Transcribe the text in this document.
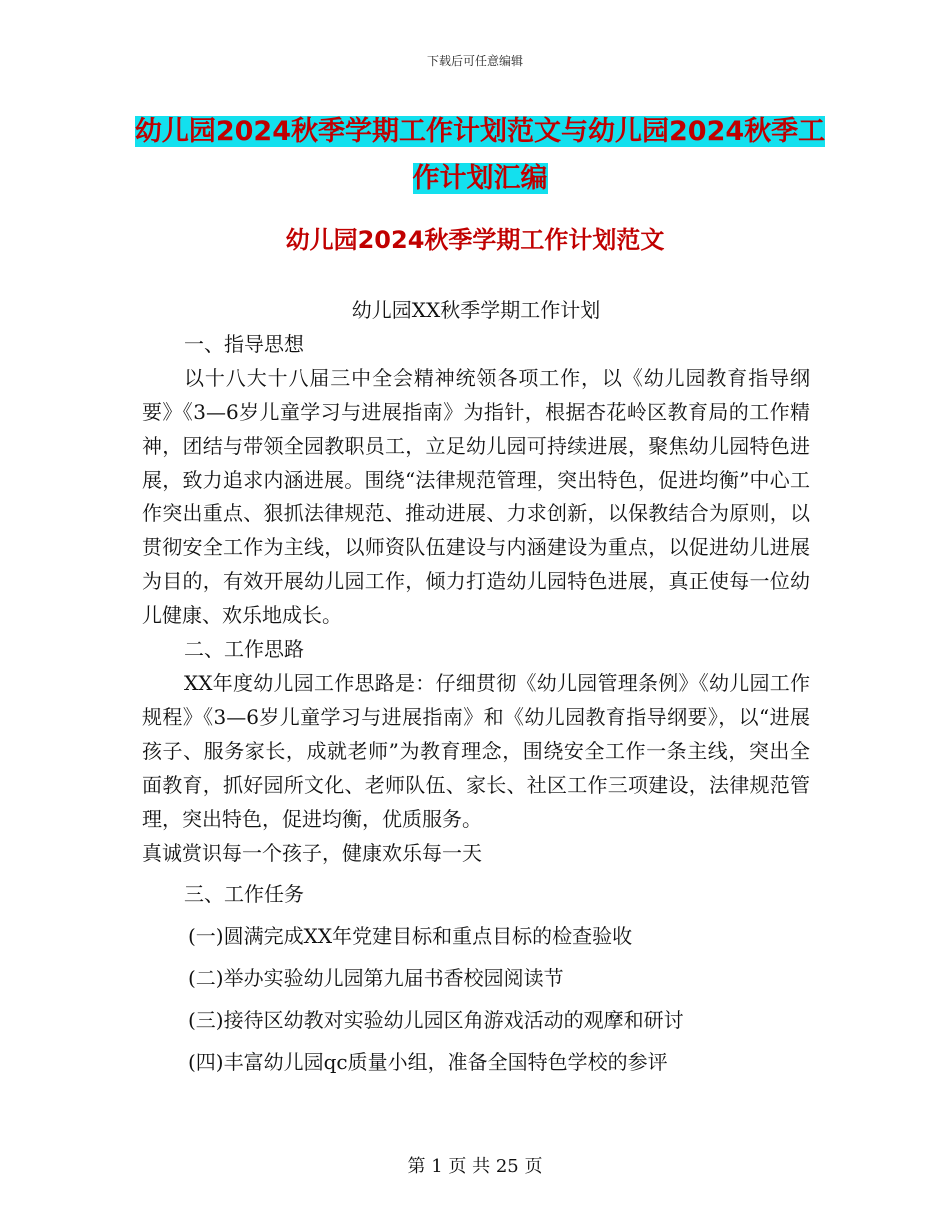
下载后可任意编辑
幼儿园2024秋季学期工作计划范文与幼儿园2024秋季工作计划汇编
幼儿园2024秋季学期工作计划范文

幼儿园XX秋季学期工作计划

一、指导思想

以十八大十八届三中全会精神统领各项工作，以《幼儿园教育指导纲要》《3—6岁儿童学习与进展指南》为指针，根据杏花岭区教育局的工作精神，团结与带领全园教职员工，立足幼儿园可持续进展，聚焦幼儿园特色进展，致力追求内涵进展。围绕“法律规范管理，突出特色，促进均衡”中心工作突出重点、狠抓法律规范、推动进展、力求创新，以保教结合为原则，以贯彻安全工作为主线，以师资队伍建设与内涵建设为重点，以促进幼儿进展为目的，有效开展幼儿园工作，倾力打造幼儿园特色进展，真正使每一位幼儿健康、欢乐地成长。

二、工作思路

XX年度幼儿园工作思路是：仔细贯彻《幼儿园管理条例》《幼儿园工作规程》《3—6岁儿童学习与进展指南》和《幼儿园教育指导纲要》，以“进展孩子、服务家长，成就老师”为教育理念，围绕安全工作一条主线，突出全面教育，抓好园所文化、老师队伍、家长、社区工作三项建设，法律规范管理，突出特色，促进均衡，优质服务。

真诚赏识每一个孩子，健康欢乐每一天

三、工作任务

(一)圆满完成XX年党建目标和重点目标的检查验收

(二)举办实验幼儿园第九届书香校园阅读节

(三)接待区幼教对实验幼儿园区角游戏活动的观摩和研讨

(四)丰富幼儿园qc质量小组，准备全国特色学校的参评

第 1 页 共 25 页
